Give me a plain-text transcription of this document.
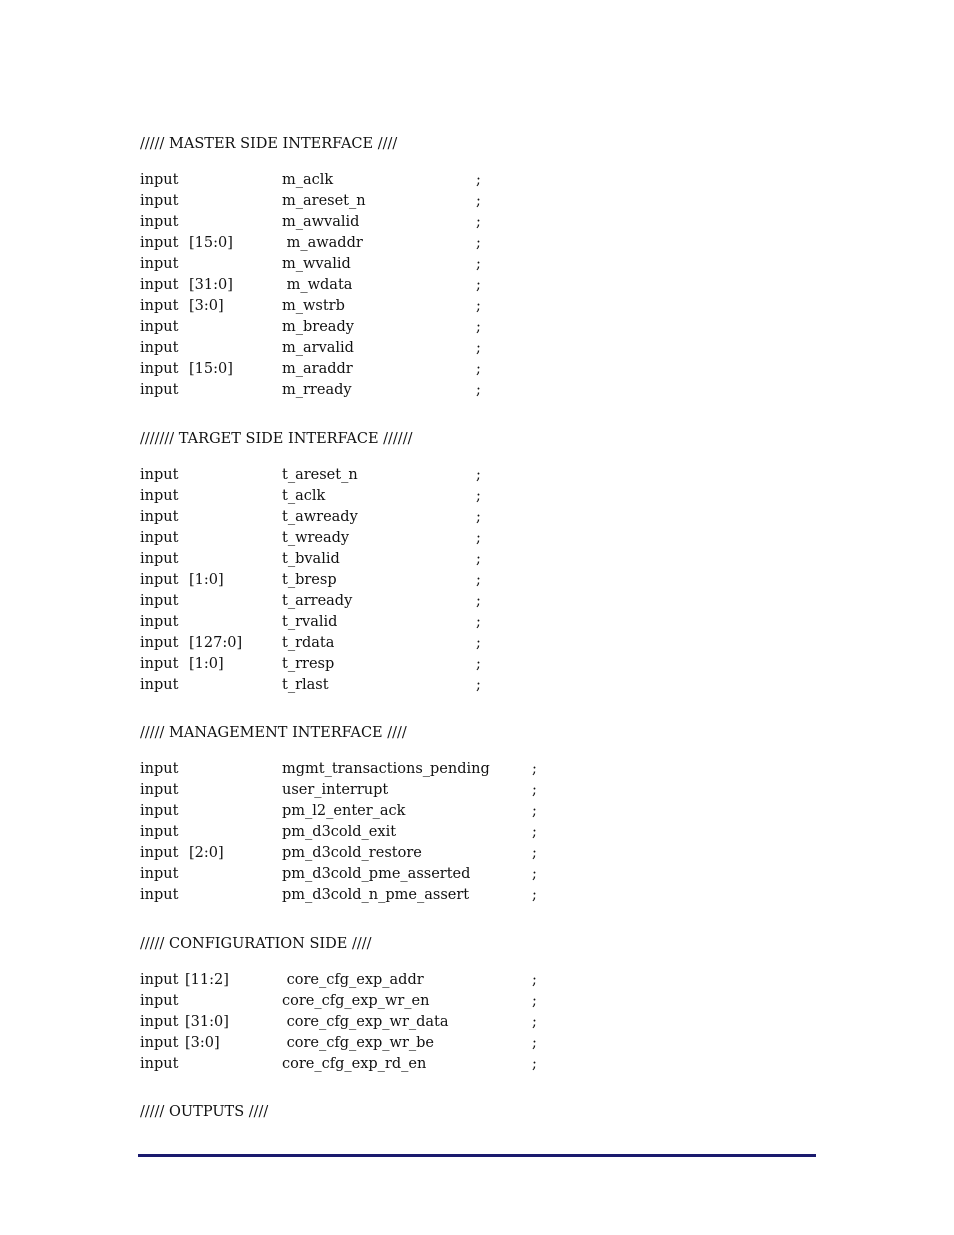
///// MASTER SIDE INTERFACE ////
input	m_aclk	;
input	m_areset_n	;
input	m_awvalid	;
input [15:0]	m_awaddr	;
input	m_wvalid	;
input [31:0]	m_wdata	;
input [3:0]	m_wstrb	;
input	m_bready	;
input	m_arvalid	;
input [15:0]	m_araddr	;
input	m_rready	;
/////// TARGET SIDE INTERFACE //////
input	t_areset_n	;
input	t_aclk	;
input	t_awready	;
input	t_wready	;
input	t_bvalid	;
input [1:0]	t_bresp	;
input	t_arready	;
input	t_rvalid	;
input [127:0]	t_rdata	;
input [1:0]	t_rresp	;
input	t_rlast	;
///// MANAGEMENT INTERFACE ////
input	mgmt_transactions_pending	;
input	user_interrupt	;
input	pm_l2_enter_ack	;
input	pm_d3cold_exit	;
input [2:0]	pm_d3cold_restore	;
input	pm_d3cold_pme_asserted	;
input	pm_d3cold_n_pme_assert	;
///// CONFIGURATION SIDE ////
input [11:2]	core_cfg_exp_addr	;
input	core_cfg_exp_wr_en	;
input [31:0]	core_cfg_exp_wr_data	;
input [3:0]	core_cfg_exp_wr_be	;
input	core_cfg_exp_rd_en	;
///// OUTPUTS ////
